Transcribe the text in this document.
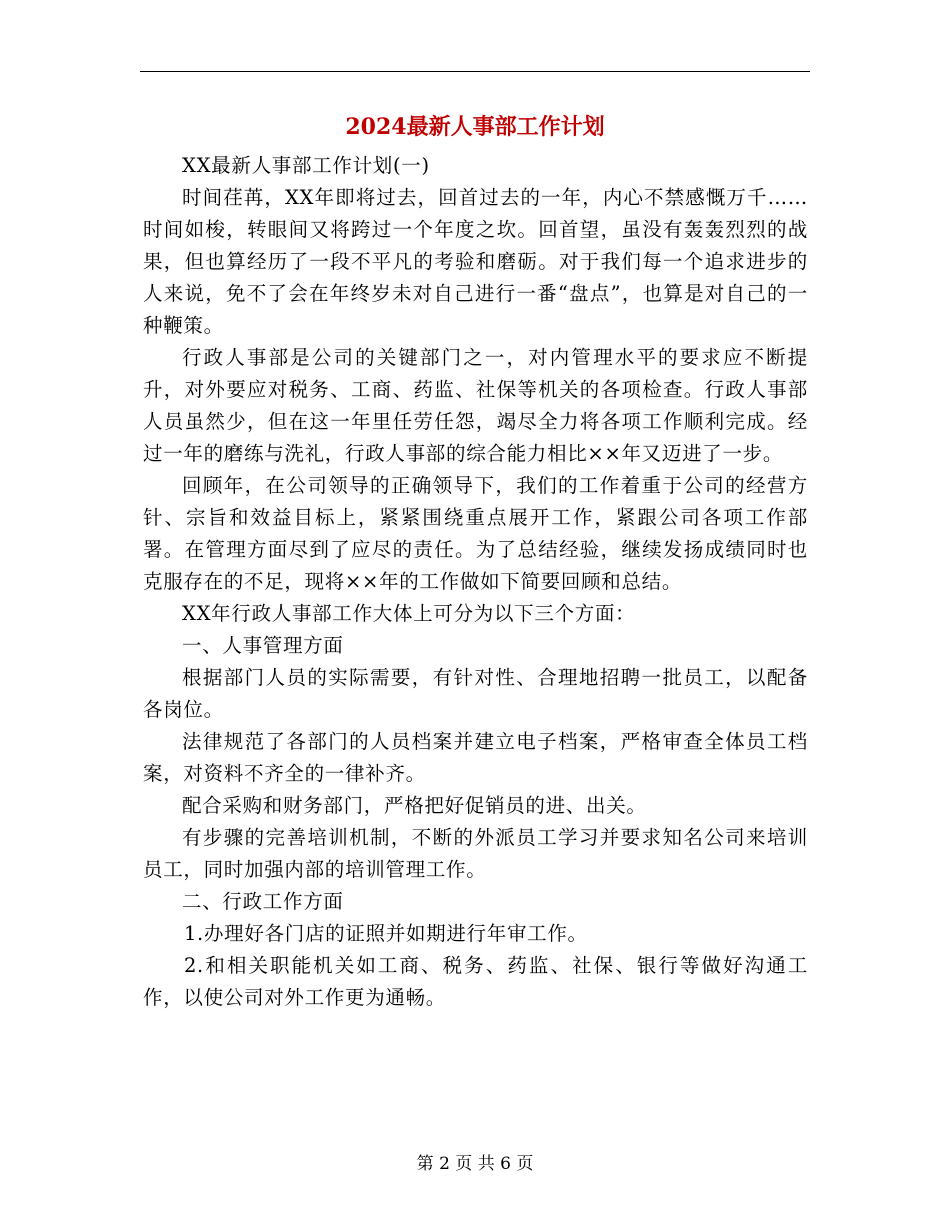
2024最新人事部工作计划

XX最新人事部工作计划(一)

时间荏苒，XX年即将过去，回首过去的一年，内心不禁感慨万千……时间如梭，转眼间又将跨过一个年度之坎。回首望，虽没有轰轰烈烈的战果，但也算经历了一段不平凡的考验和磨砺。对于我们每一个追求进步的人来说，免不了会在年终岁未对自己进行一番“盘点”，也算是对自己的一种鞭策。

行政人事部是公司的关键部门之一，对内管理水平的要求应不断提升，对外要应对税务、工商、药监、社保等机关的各项检查。行政人事部人员虽然少，但在这一年里任劳任怨，竭尽全力将各项工作顺利完成。经过一年的磨练与洗礼，行政人事部的综合能力相比××年又迈进了一步。

回顾年，在公司领导的正确领导下，我们的工作着重于公司的经营方针、宗旨和效益目标上，紧紧围绕重点展开工作，紧跟公司各项工作部署。在管理方面尽到了应尽的责任。为了总结经验，继续发扬成绩同时也克服存在的不足，现将××年的工作做如下简要回顾和总结。

XX年行政人事部工作大体上可分为以下三个方面：

一、人事管理方面

根据部门人员的实际需要，有针对性、合理地招聘一批员工，以配备各岗位。

法律规范了各部门的人员档案并建立电子档案，严格审查全体员工档案，对资料不齐全的一律补齐。

配合采购和财务部门，严格把好促销员的进、出关。

有步骤的完善培训机制，不断的外派员工学习并要求知名公司来培训员工，同时加强内部的培训管理工作。

二、行政工作方面

1.办理好各门店的证照并如期进行年审工作。

2.和相关职能机关如工商、税务、药监、社保、银行等做好沟通工作，以使公司对外工作更为通畅。

第 2 页 共 6 页
